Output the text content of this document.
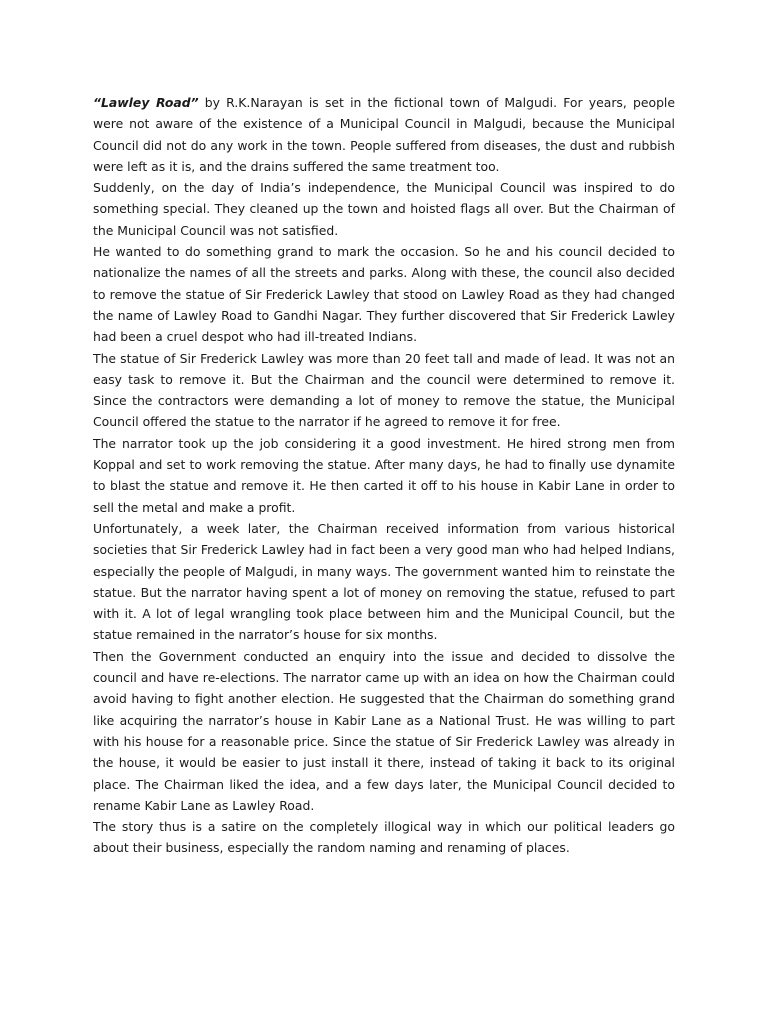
“Lawley Road” by R.K.Narayan is set in the fictional town of Malgudi. For years, people were not aware of the existence of a Municipal Council in Malgudi, because the Municipal Council did not do any work in the town. People suffered from diseases, the dust and rubbish were left as it is, and the drains suffered the same treatment too.

Suddenly, on the day of India’s independence, the Municipal Council was inspired to do something special. They cleaned up the town and hoisted flags all over. But the Chairman of the Municipal Council was not satisfied.

He wanted to do something grand to mark the occasion. So he and his council decided to nationalize the names of all the streets and parks. Along with these, the council also decided to remove the statue of Sir Frederick Lawley that stood on Lawley Road as they had changed the name of Lawley Road to Gandhi Nagar. They further discovered that Sir Frederick Lawley had been a cruel despot who had ill-treated Indians.

The statue of Sir Frederick Lawley was more than 20 feet tall and made of lead. It was not an easy task to remove it. But the Chairman and the council were determined to remove it. Since the contractors were demanding a lot of money to remove the statue, the Municipal Council offered the statue to the narrator if he agreed to remove it for free.

The narrator took up the job considering it a good investment. He hired strong men from Koppal and set to work removing the statue. After many days, he had to finally use dynamite to blast the statue and remove it. He then carted it off to his house in Kabir Lane in order to sell the metal and make a profit.

Unfortunately, a week later, the Chairman received information from various historical societies that Sir Frederick Lawley had in fact been a very good man who had helped Indians, especially the people of Malgudi, in many ways. The government wanted him to reinstate the statue. But the narrator having spent a lot of money on removing the statue, refused to part with it. A lot of legal wrangling took place between him and the Municipal Council, but the statue remained in the narrator’s house for six months.

Then the Government conducted an enquiry into the issue and decided to dissolve the council and have re-elections. The narrator came up with an idea on how the Chairman could avoid having to fight another election. He suggested that the Chairman do something grand like acquiring the narrator’s house in Kabir Lane as a National Trust. He was willing to part with his house for a reasonable price. Since the statue of Sir Frederick Lawley was already in the house, it would be easier to just install it there, instead of taking it back to its original place. The Chairman liked the idea, and a few days later, the Municipal Council decided to rename Kabir Lane as Lawley Road.

The story thus is a satire on the completely illogical way in which our political leaders go about their business, especially the random naming and renaming of places.
